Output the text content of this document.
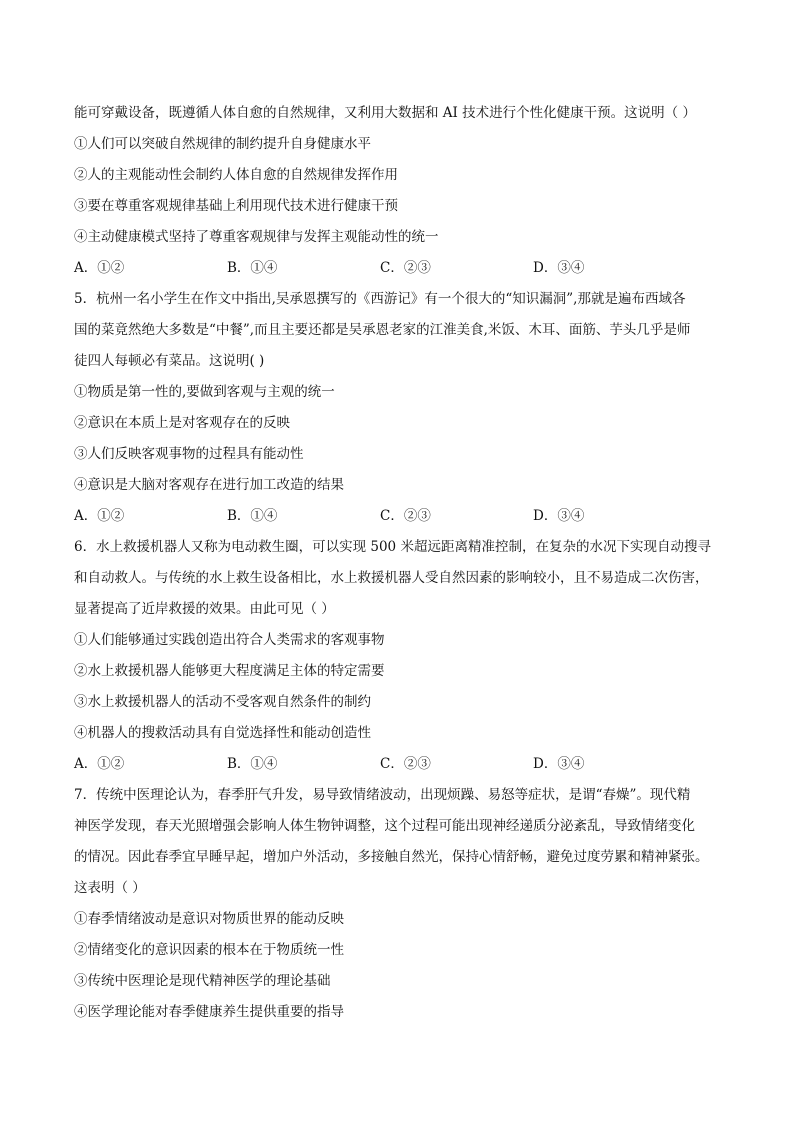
能可穿戴设备，既遵循人体自愈的自然规律，又利用大数据和 AI 技术进行个性化健康干预。这说明（ ）
①人们可以突破自然规律的制约提升自身健康水平
②人的主观能动性会制约人体自愈的自然规律发挥作用
③要在尊重客观规律基础上利用现代技术进行健康干预
④主动健康模式坚持了尊重客观规律与发挥主观能动性的统一
A．①②	B．①④	C．②③	D．③④
5．杭州一名小学生在作文中指出,吴承恩撰写的《西游记》有一个很大的“知识漏洞”,那就是遍布西域各
国的菜竟然绝大多数是“中餐”,而且主要还都是吴承恩老家的江淮美食,米饭、木耳、面筋、芋头几乎是师
徒四人每顿必有菜品。这说明( )
①物质是第一性的,要做到客观与主观的统一
②意识在本质上是对客观存在的反映
③人们反映客观事物的过程具有能动性
④意识是大脑对客观存在进行加工改造的结果
A．①②	B．①④	C．②③	D．③④
6．水上救援机器人又称为电动救生圈，可以实现 500 米超远距离精准控制，在复杂的水况下实现自动搜寻
和自动救人。与传统的水上救生设备相比，水上救援机器人受自然因素的影响较小，且不易造成二次伤害，
显著提高了近岸救援的效果。由此可见（ ）
①人们能够通过实践创造出符合人类需求的客观事物
②水上救援机器人能够更大程度满足主体的特定需要
③水上救援机器人的活动不受客观自然条件的制约
④机器人的搜救活动具有自觉选择性和能动创造性
A．①②	B．①④	C．②③	D．③④
7．传统中医理论认为，春季肝气升发，易导致情绪波动，出现烦躁、易怒等症状，是谓“春燥”。现代精
神医学发现，春天光照增强会影响人体生物钟调整，这个过程可能出现神经递质分泌紊乱，导致情绪变化
的情况。因此春季宜早睡早起，增加户外活动，多接触自然光，保持心情舒畅，避免过度劳累和精神紧张。
这表明（ ）
①春季情绪波动是意识对物质世界的能动反映
②情绪变化的意识因素的根本在于物质统一性
③传统中医理论是现代精神医学的理论基础
④医学理论能对春季健康养生提供重要的指导
